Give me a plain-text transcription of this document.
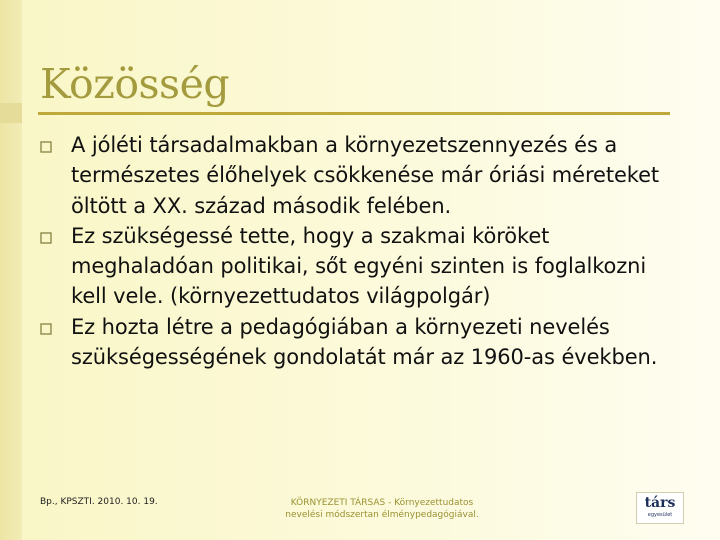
Közösség
A jóléti társadalmakban a környezetszennyezés és a természetes élőhelyek csökkenése már óriási méreteket öltött a XX. század második felében.
Ez szükségessé tette, hogy a szakmai köröket meghaladóan politikai, sőt egyéni szinten is foglalkozni kell vele. (környezettudatos világpolgár)
Ez hozta létre a pedagógiában a környezeti nevelés szükségességének gondolatát már az 1960-as években.
Bp., KPSZTI. 2010. 10. 19.	KÖRNYEZETI TÁRSAS - Környezettudatos
nevelési módszertan élménypedagógiával.
társ
egyesület
